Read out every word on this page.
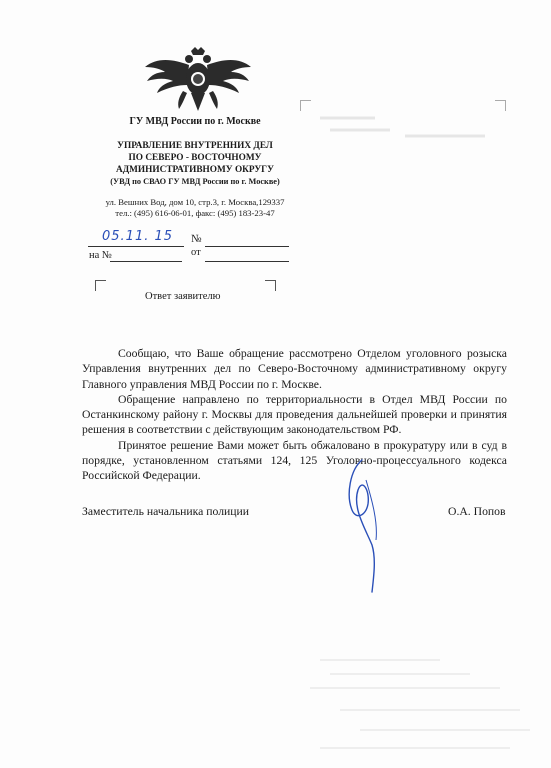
ГУ МВД России по г. Москве
УПРАВЛЕНИЕ ВНУТРЕННИХ ДЕЛ
ПО СЕВЕРО - ВОСТОЧНОМУ
АДМИНИСТРАТИВНОМУ ОКРУГУ
(УВД по СВАО ГУ МВД России по г. Москве)
ул. Вешних Вод, дом 10, стр.3, г. Москва,129337
тел.: (495) 616-06-01, факс: (495) 183-23-47
05.11. 15 №
на №	от
Ответ заявителю

Сообщаю, что Ваше обращение рассмотрено Отделом уголовного розыска Управления внутренних дел по Северо-Восточному административному округу Главного управления МВД России по г. Москве.

Обращение направлено по территориальности в Отдел МВД России по Останкинскому району г. Москвы для проведения дальнейшей проверки и принятия решения в соответствии с действующим законодательством РФ.

Принятое решение Вами может быть обжаловано в прокуратуру или в суд в порядке, установленном статьями 124, 125 Уголовно-процессуального кодекса Российской Федерации.

Заместитель начальника полиции	О.А. Попов
